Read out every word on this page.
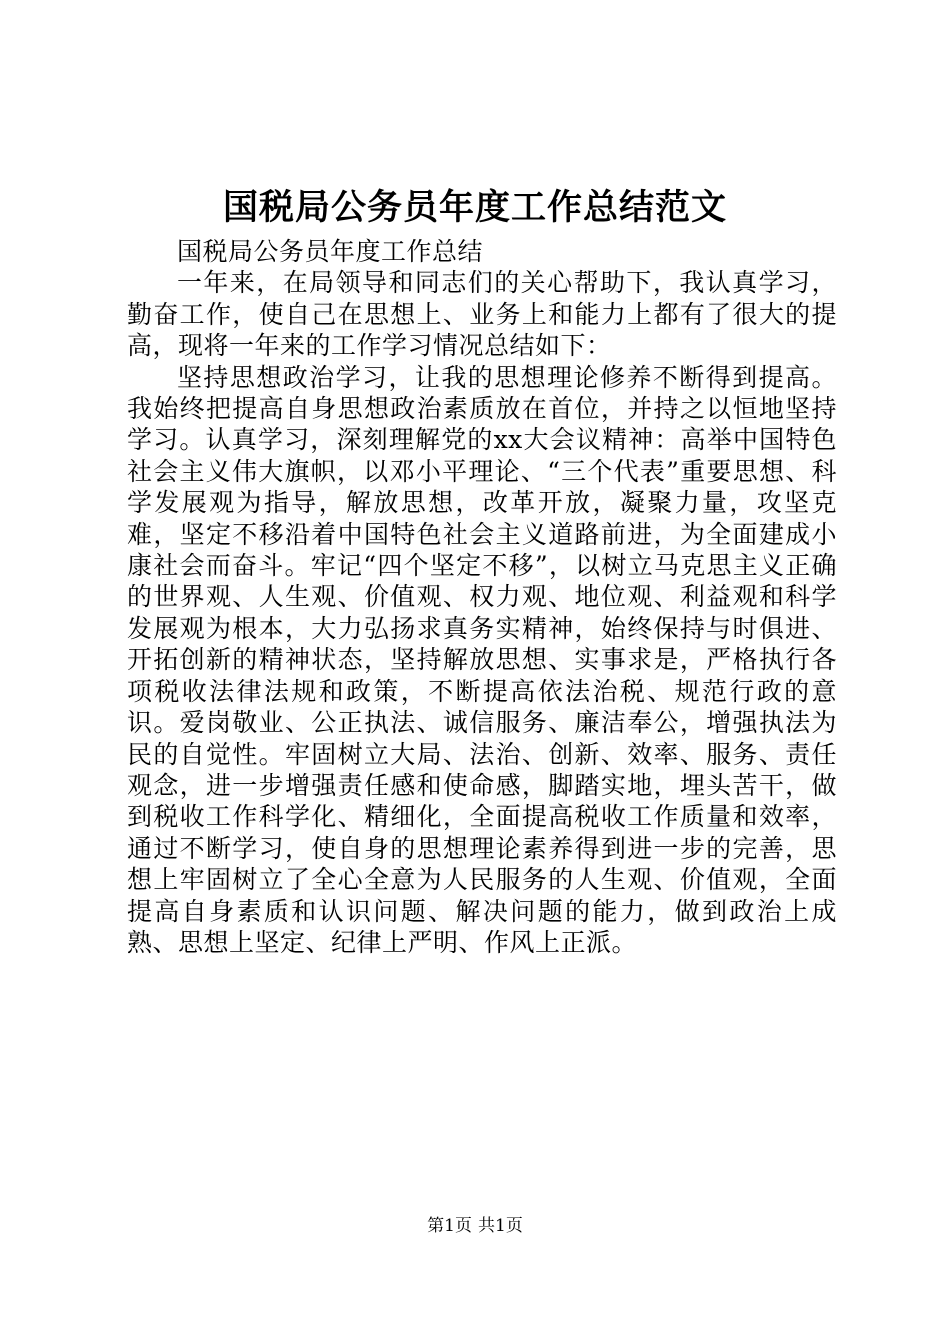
国税局公务员年度工作总结范文

国税局公务员年度工作总结

一年来，在局领导和同志们的关心帮助下，我认真学习，勤奋工作，使自己在思想上、业务上和能力上都有了很大的提高，现将一年来的工作学习情况总结如下：

坚持思想政治学习，让我的思想理论修养不断得到提高。我始终把提高自身思想政治素质放在首位，并持之以恒地坚持学习。认真学习，深刻理解党的xx大会议精神：高举中国特色社会主义伟大旗帜，以邓小平理论、“三个代表”重要思想、科学发展观为指导，解放思想，改革开放，凝聚力量，攻坚克难，坚定不移沿着中国特色社会主义道路前进，为全面建成小康社会而奋斗。牢记“四个坚定不移”，以树立马克思主义正确的世界观、人生观、价值观、权力观、地位观、利益观和科学发展观为根本，大力弘扬求真务实精神，始终保持与时俱进、开拓创新的精神状态，坚持解放思想、实事求是，严格执行各项税收法律法规和政策，不断提高依法治税、规范行政的意识。爱岗敬业、公正执法、诚信服务、廉洁奉公，增强执法为民的自觉性。牢固树立大局、法治、创新、效率、服务、责任观念，进一步增强责任感和使命感，脚踏实地，埋头苦干，做到税收工作科学化、精细化，全面提高税收工作质量和效率，通过不断学习，使自身的思想理论素养得到进一步的完善，思想上牢固树立了全心全意为人民服务的人生观、价值观，全面提高自身素质和认识问题、解决问题的能力，做到政治上成熟、思想上坚定、纪律上严明、作风上正派。

第1页 共1页
